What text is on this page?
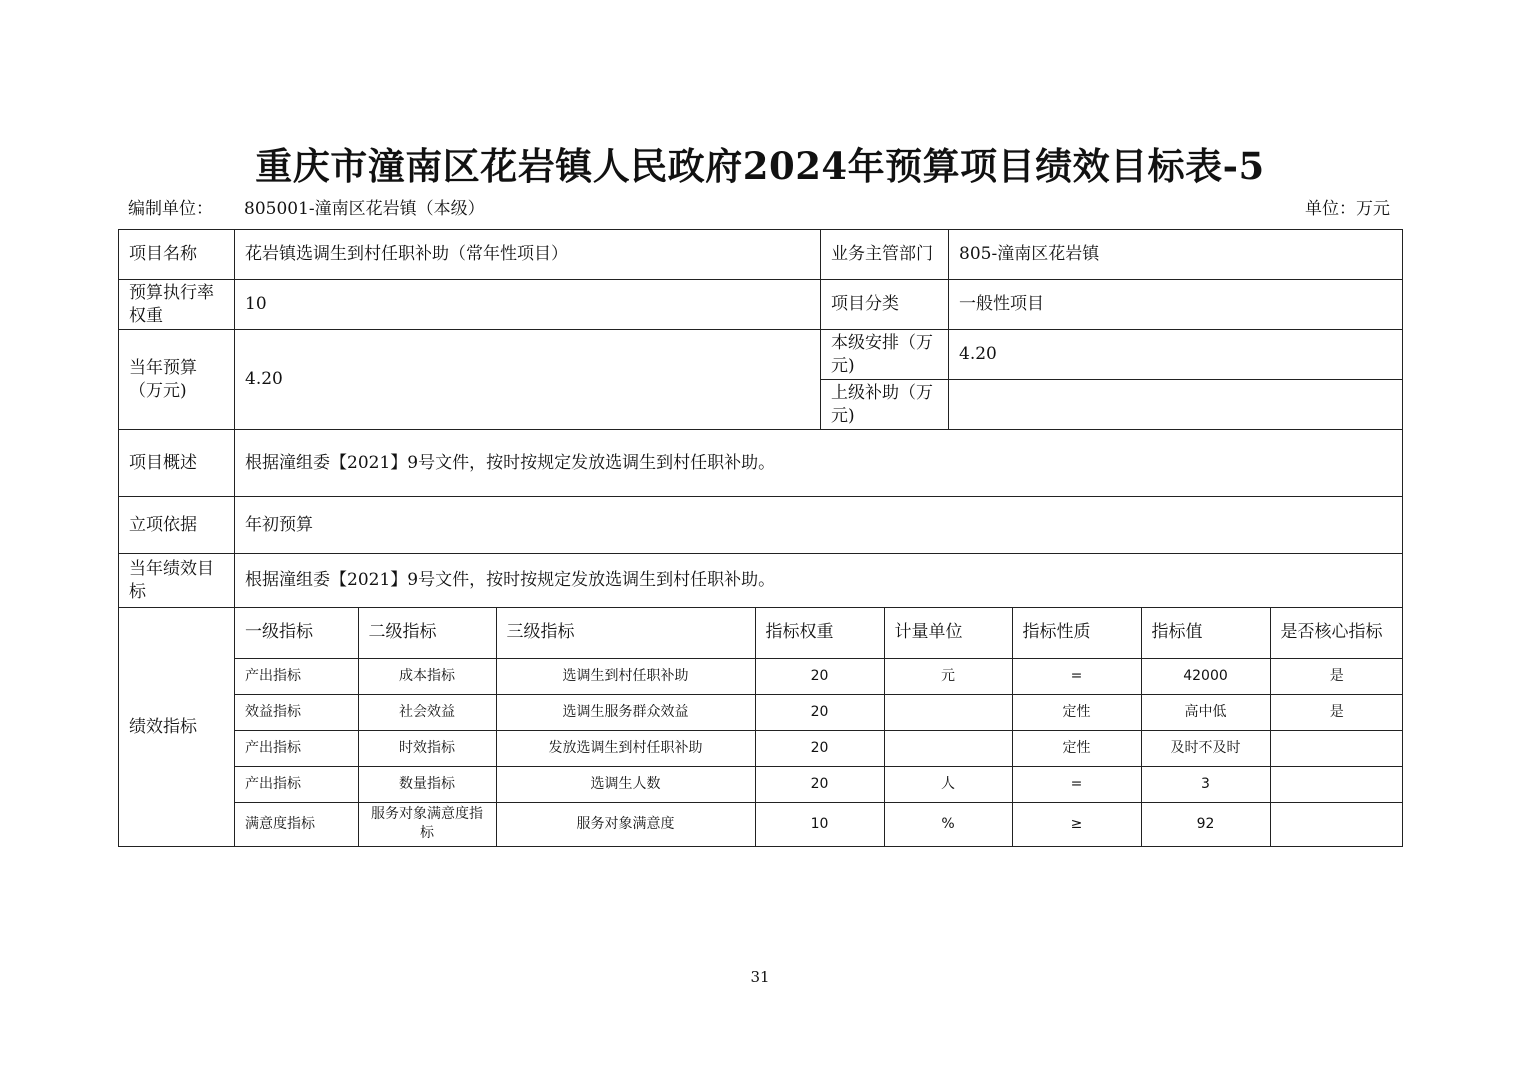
重庆市潼南区花岩镇人民政府2024年预算项目绩效目标表-5
编制单位： 805001-潼南区花岩镇（本级）	单位：万元
项目名称	花岩镇选调生到村任职补助（常年性项目）	业务主管部门	805-潼南区花岩镇
预算执行率权重	10	项目分类	一般性项目
当年预算（万元)	4.20	本级安排（万元)	4.20
上级补助（万元)	
项目概述	根据潼组委【2021】9号文件，按时按规定发放选调生到村任职补助。
立项依据	年初预算
当年绩效目标	根据潼组委【2021】9号文件，按时按规定发放选调生到村任职补助。
绩效指标	
一级指标	二级指标	三级指标	指标权重	计量单位	指标性质	指标值	是否核心指标
产出指标	成本指标	选调生到村任职补助	20	元	=	42000	是
效益指标	社会效益	选调生服务群众效益	20		定性	高中低	是
产出指标	时效指标	发放选调生到村任职补助	20		定性	及时不及时	
产出指标	数量指标	选调生人数	20	人	=	3	
满意度指标	服务对象满意度指标	服务对象满意度	10	%	≥	92	
31
